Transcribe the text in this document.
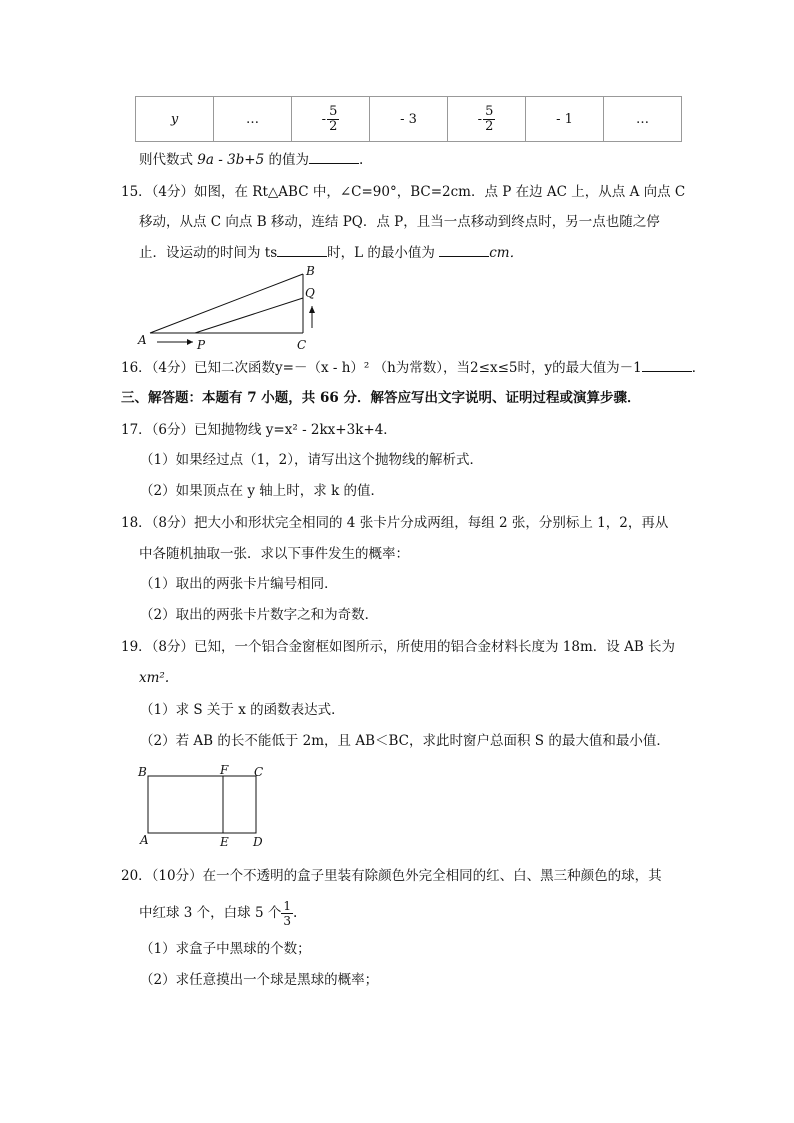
y	…	- $\frac{5}{2}$	- 3	- $\frac{5}{2}$	- 1	…
则代数式 9a - 3b+5 的值为	.
15．（4分）如图，在 Rt△ABC 中，∠C=90°，BC=2cm．点 P 在边 AC 上，从点 A 向点 C
移动，从点 C 向点 B 移动，连结 PQ．点 P，且当一点移动到终点时，另一点也随之停
止．设运动的时间为 ts	时，L 的最小值为	cm．
B
Q
A	P	C
16．（4分）已知二次函数y=－（x - h）² （h为常数），当2≤x≤5时，y的最大值为－1	．
三、解答题：本题有 7 小题，共 66 分．解答应写出文字说明、证明过程或演算步骤．
17．（6分）已知抛物线 y=x² - 2kx+3k+4．
（1）如果经过点（1，2），请写出这个抛物线的解析式．
（2）如果顶点在 y 轴上时，求 k 的值．
18．（8分）把大小和形状完全相同的 4 张卡片分成两组，每组 2 张，分别标上 1，2，再从
中各随机抽取一张．求以下事件发生的概率：
（1）取出的两张卡片编号相同．
（2）取出的两张卡片数字之和为奇数．
19．（8分）已知，一个铝合金窗框如图所示，所使用的铝合金材料长度为 18m．设 AB 长为
xm².
（1）求 S 关于 x 的函数表达式．
（2）若 AB 的长不能低于 2m，且 AB＜BC，求此时窗户总面积 S 的最大值和最小值．
B	F C
A	E D
20．（10分）在一个不透明的盒子里装有除颜色外完全相同的红、白、黑三种颜色的球，其
中红球 3 个，白球 5 个 $\frac{1}{3}$ .
（1）求盒子中黑球的个数；
（2）求任意摸出一个球是黑球的概率；
